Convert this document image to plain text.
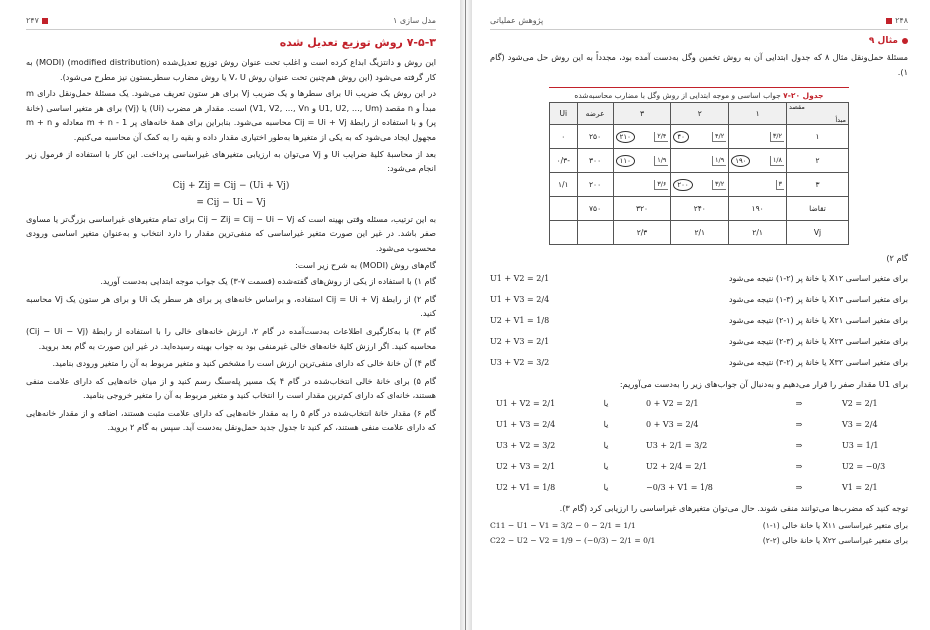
مدل سازی ۱
۲۴۷
۷-۵-۳ روش توزیع تعدیل شده

این روش و دانتزیگ ابداع کرده است و اغلب تحت عنوان روش توزیع تعدیل‌شده (modified distribution) (MODI) به کار گرفته می‌شود (این روش هم‌چنین تحت عنوان روش V، U یا روش مضارب سطرـستون نیز مطرح می‌شود).

در این روش یک ضریب Ui برای سطرها و یک ضریب Vj برای هر ستون تعریف می‌شود. یک مسئلهٔ حمل‌ونقل دارای m مبدأ و n مقصد (U1, U2, ..., Um و V1, V2, ..., Vn) است. مقدار هر مضرب (Ui) یا (Vj) برای هر متغیر اساسی (خانهٔ پر) و با استفاده از رابطهٔ Cij = Ui + Vj محاسبه می‌شود. بنابراین برای همهٔ خانه‌های پر m + n - 1 معادله و m + n مجهول ایجاد می‌شود که به یکی از متغیرها به‌طور اختیاری مقدار داده و بقیه را به کمک آن محاسبه می‌کنیم.

بعد از محاسبهٔ کلیهٔ ضرایب Ui و Vj می‌توان به ارزیابی متغیرهای غیراساسی پرداخت. این کار با استفاده از فرمول زیر انجام می‌شود:

Cij + Zij = Cij − (Ui + Vj)
= Cij − Ui − Vj

به این ترتیب، مسئله وقتی بهینه است که Cij − Zij = Cij − Ui − Vj برای تمام متغیرهای غیراساسی بزرگ‌تر یا مساوی صفر باشد. در غیر این صورت متغیر غیراساسی که منفی‌ترین مقدار را دارد انتخاب و به‌عنوان متغیر اساسی ورودی محسوب می‌شود.

گام‌های روش (MODI) به شرح زیر است:

گام ۱) با استفاده از یکی از روش‌های گفته‌شده (قسمت ۷-۳) یک جواب موجه ابتدایی به‌دست آورید.

گام ۲) از رابطهٔ Cij = Ui + Vj استفاده، و براساس خانه‌های پر برای هر سطر یک Ui و برای هر ستون یک Vj محاسبه کنید.

گام ۳) با به‌کارگیری اطلاعات به‌دست‌آمده در گام ۲، ارزش خانه‌های خالی را با استفاده از رابطهٔ (Cij − Ui − Vj) محاسبه کنید. اگر ارزش کلیهٔ خانه‌های خالی غیرمنفی بود به جواب بهینه رسیده‌اید. در غیر این صورت به گام بعد بروید.

گام ۴) آن خانهٔ خالی که دارای منفی‌ترین ارزش است را مشخص کنید و متغیر مربوط به آن را متغیر ورودی بنامید.

گام ۵) برای خانهٔ خالی انتخاب‌شده در گام ۴ یک مسیر پله‌سنگ رسم کنید و از میان خانه‌هایی که دارای علامت منفی هستند، خانه‌ای که دارای کم‌ترین مقدار است را انتخاب کنید و متغیر مربوط به آن را متغیر خروجی بنامید.

گام ۶) مقدار خانهٔ انتخاب‌شده در گام ۵ را به مقدار خانه‌هایی که دارای علامت مثبت هستند، اضافه و از مقدار خانه‌هایی که دارای علامت منفی هستند، کم کنید تا جدول جدید حمل‌ونقل به‌دست آید. سپس به گام ۲ بروید.

۲۴۸
پژوهش عملیاتی
مثال ۹

مسئلهٔ حمل‌ونقل مثال ۸ که جدول ابتدایی آن به روش تخمین وگل به‌دست آمده بود، مجدداً به این روش حل می‌شود (گام ۱).

جدول ۲۰-۷ جواب اساسی و موجه ابتدایی از روش وگل با مضارب محاسبه‌شده
مقصد
مبدأ	۱	۲	۳	عرضه	Ui
۱	۳/۲	۴۰ ۴/۲	۲۱۰ ۲/۴	۲۵۰	۰
۲	۱۹۰ ۱/۸	۱/۹	۱۱۰ ۱/۹	۳۰۰	-۰/۳
۳	۳	۲۰۰ ۳/۲	۳/۶	۲۰۰	۱/۱
تقاضا	۱۹۰	۲۴۰	۳۲۰	۷۵۰	
Vj	۲/۱	۲/۱	۲/۳		

گام ۲)

برای متغیر اساسی X۱۲ یا خانهٔ پر (۲-۱) نتیجه می‌شود
U1 + V2 = 2/1
برای متغیر اساسی X۱۳ یا خانهٔ پر (۳-۱) نتیجه می‌شود
U1 + V3 = 2/4
برای متغیر اساسی X۲۱ یا خانهٔ پر (۱-۲) نتیجه می‌شود
U2 + V1 = 1/8
برای متغیر اساسی X۲۳ یا خانهٔ پر (۳-۲) نتیجه می‌شود
U2 + V3 = 2/1
برای متغیر اساسی X۳۲ یا خانهٔ پر (۲-۳) نتیجه می‌شود
U3 + V2 = 3/2

برای U1 مقدار صفر را قرار می‌دهیم و به‌دنبال آن جواب‌های زیر را به‌دست می‌آوریم:

U1 + V2 = 2/1	یا	0 + V2 = 2/1	⇒	V2 = 2/1
U1 + V3 = 2/4	یا	0 + V3 = 2/4	⇒	V3 = 2/4
U3 + V2 = 3/2	یا	U3 + 2/1 = 3/2	⇒	U3 = 1/1
U2 + V3 = 2/1	یا	U2 + 2/4 = 2/1	⇒	U2 = −0/3
U2 + V1 = 1/8	یا	−0/3 + V1 = 1/8	⇒	V1 = 2/1

توجه کنید که مضرب‌ها می‌توانند منفی شوند. حال می‌توان متغیرهای غیراساسی را ارزیابی کرد (گام ۳).

برای متغیر غیراساسی X۱۱ یا خانهٔ خالی (۱-۱)
C11 − U1 − V1 = 3/2 − 0 − 2/1 = 1/1
برای متغیر غیراساسی X۲۲ یا خانهٔ خالی (۲-۲)
C22 − U2 − V2 = 1/9 − (−0/3) − 2/1 = 0/1
